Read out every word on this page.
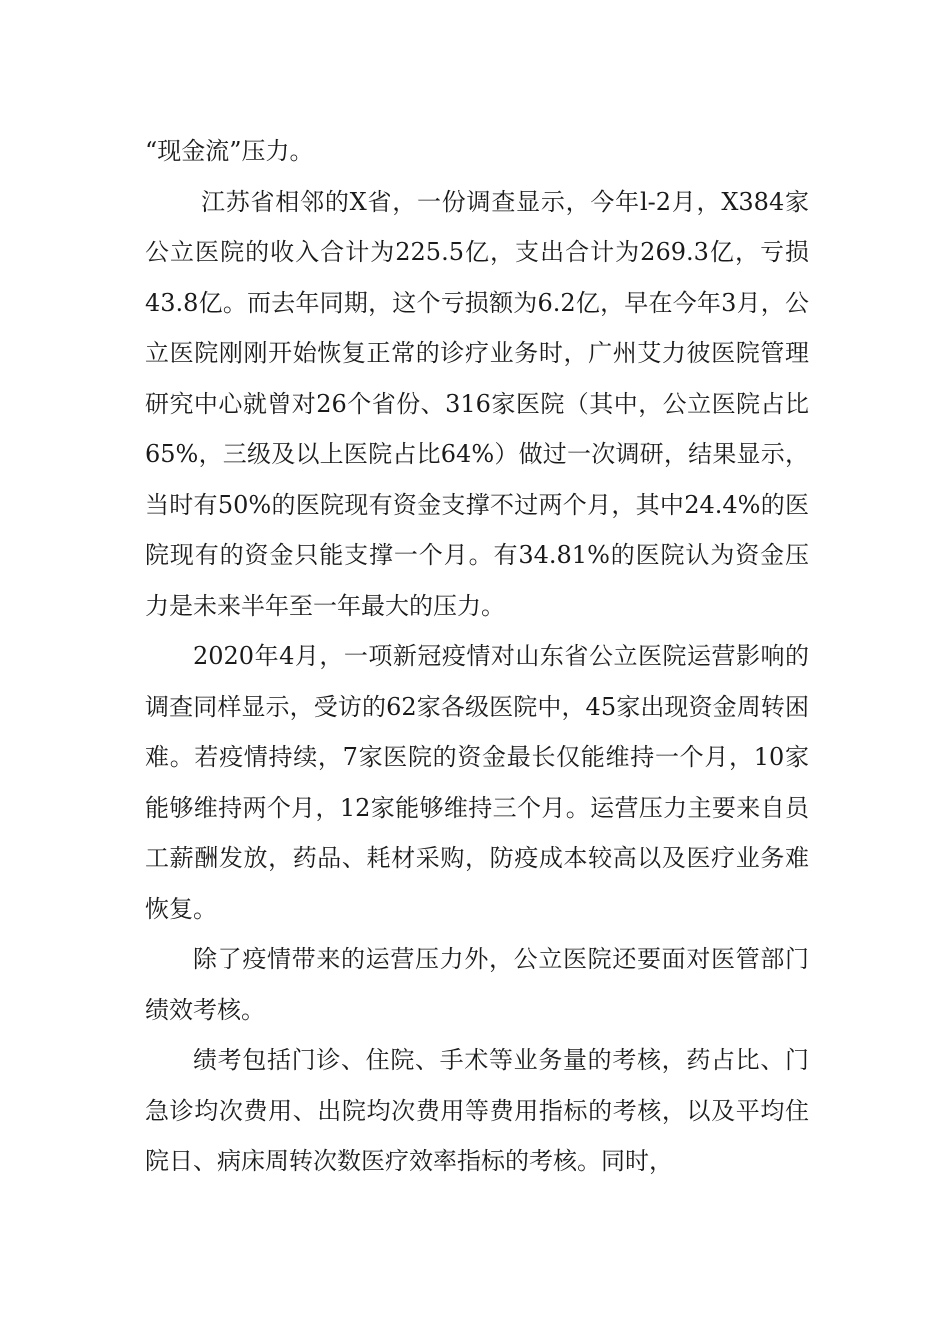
“现金流”压力。

江苏省相邻的X省，一份调查显示，今年l-2月，X384家公立医院的收入合计为225.5亿，支出合计为269.3亿，亏损43.8亿。而去年同期，这个亏损额为6.2亿，早在今年3月，公立医院刚刚开始恢复正常的诊疗业务时，广州艾力彼医院管理研究中心就曾对26个省份、316家医院（其中，公立医院占比65%，三级及以上医院占比64%）做过一次调研，结果显示，当时有50%的医院现有资金支撑不过两个月，其中24.4%的医院现有的资金只能支撑一个月。有34.81%的医院认为资金压力是未来半年至一年最大的压力。

2020年4月，一项新冠疫情对山东省公立医院运营影响的调查同样显示，受访的62家各级医院中，45家出现资金周转困难。若疫情持续，7家医院的资金最长仅能维持一个月，10家能够维持两个月，12家能够维持三个月。运营压力主要来自员工薪酬发放，药品、耗材采购，防疫成本较高以及医疗业务难恢复。

除了疫情带来的运营压力外，公立医院还要面对医管部门绩效考核。

绩考包括门诊、住院、手术等业务量的考核，药占比、门急诊均次费用、出院均次费用等费用指标的考核，以及平均住院日、病床周转次数医疗效率指标的考核。同时，
